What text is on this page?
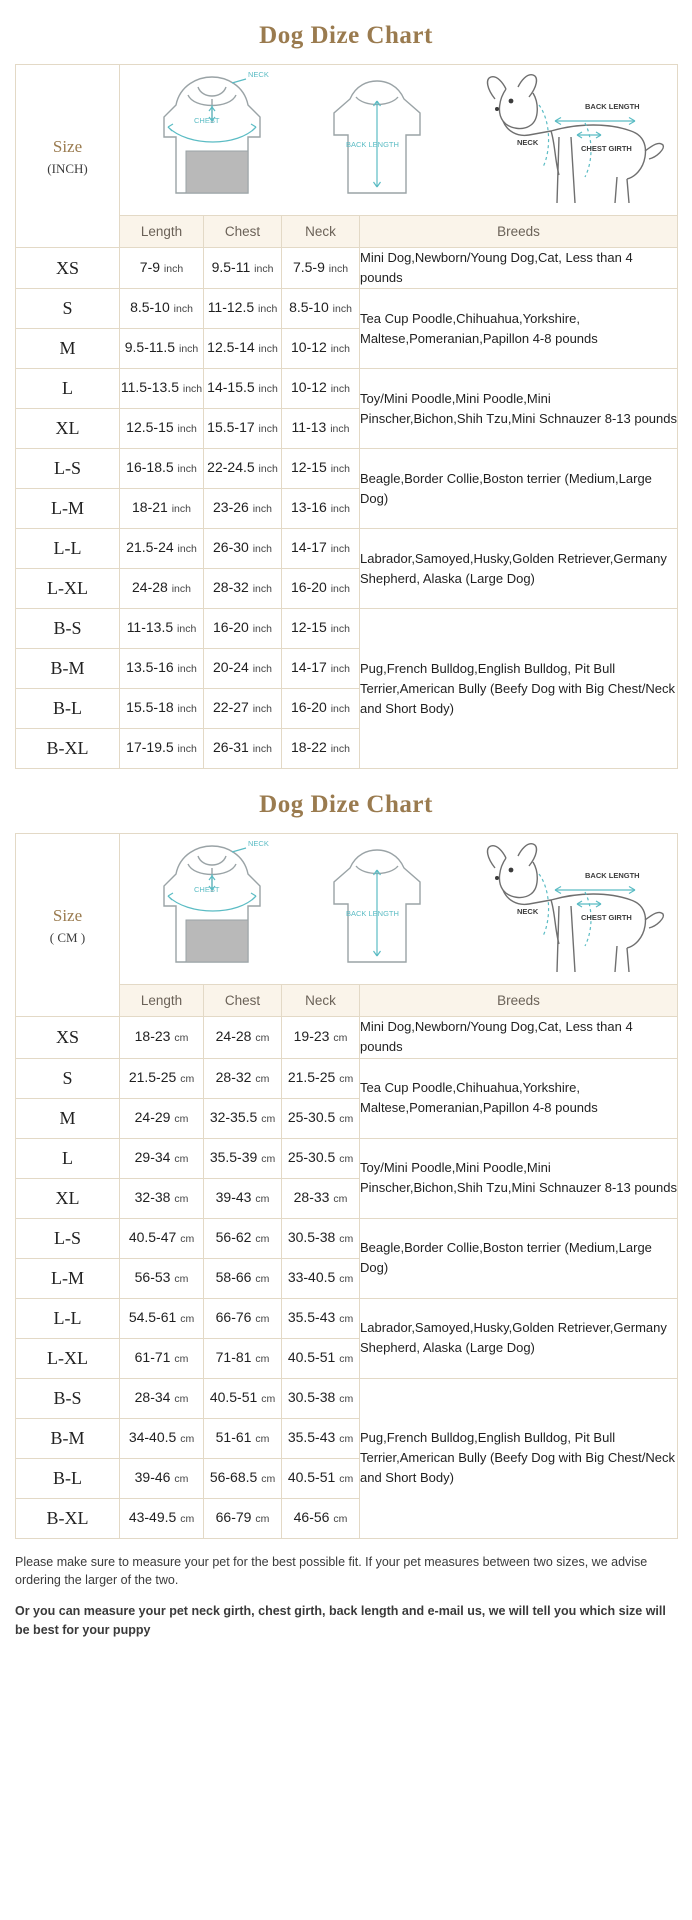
Dog Dize Chart
Size
(INCH)

NECK
CHEST
BACK LENGTH
BACK LENGTH
NECK
CHEST GIRTH

	Length	Chest	Neck	Breeds
XS	7-9 inch	9.5-11 inch	7.5-9 inch	Mini Dog,Newborn/Young Dog,Cat, Less than 4 pounds
S	8.5-10 inch	11-12.5 inch	8.5-10 inch	Tea Cup Poodle,Chihuahua,Yorkshire, Maltese,Pomeranian,Papillon 4-8 pounds
M	9.5-11.5 inch	12.5-14 inch	10-12 inch	
L	11.5-13.5 inch	14-15.5 inch	10-12 inch	Toy/Mini Poodle,Mini Poodle,Mini Pinscher,Bichon,Shih Tzu,Mini Schnauzer 8-13 pounds
XL	12.5-15 inch	15.5-17 inch	11-13 inch	
L-S	16-18.5 inch	22-24.5 inch	12-15 inch	Beagle,Border Collie,Boston terrier (Medium,Large Dog)
L-M	18-21 inch	23-26 inch	13-16 inch	
L-L	21.5-24 inch	26-30 inch	14-17 inch	Labrador,Samoyed,Husky,Golden Retriever,Germany Shepherd, Alaska (Large Dog)
L-XL	24-28 inch	28-32 inch	16-20 inch	
B-S	11-13.5 inch	16-20 inch	12-15 inch	Pug,French Bulldog,English Bulldog, Pit Bull Terrier,American Bully (Beefy Dog with Big Chest/Neck and Short Body)
B-M	13.5-16 inch	20-24 inch	14-17 inch	
B-L	15.5-18 inch	22-27 inch	16-20 inch	
B-XL	17-19.5 inch	26-31 inch	18-22 inch	
Dog Dize Chart
Size
( CM )

NECK
CHEST
BACK LENGTH
BACK LENGTH
NECK
CHEST GIRTH

	Length	Chest	Neck	Breeds
XS	18-23 cm	24-28 cm	19-23 cm	Mini Dog,Newborn/Young Dog,Cat, Less than 4 pounds
S	21.5-25 cm	28-32 cm	21.5-25 cm	Tea Cup Poodle,Chihuahua,Yorkshire, Maltese,Pomeranian,Papillon 4-8 pounds
M	24-29 cm	32-35.5 cm	25-30.5 cm	
L	29-34 cm	35.5-39 cm	25-30.5 cm	Toy/Mini Poodle,Mini Poodle,Mini Pinscher,Bichon,Shih Tzu,Mini Schnauzer 8-13 pounds
XL	32-38 cm	39-43 cm	28-33 cm	
L-S	40.5-47 cm	56-62 cm	30.5-38 cm	Beagle,Border Collie,Boston terrier (Medium,Large Dog)
L-M	56-53 cm	58-66 cm	33-40.5 cm	
L-L	54.5-61 cm	66-76 cm	35.5-43 cm	Labrador,Samoyed,Husky,Golden Retriever,Germany Shepherd, Alaska (Large Dog)
L-XL	61-71 cm	71-81 cm	40.5-51 cm	
B-S	28-34 cm	40.5-51 cm	30.5-38 cm	Pug,French Bulldog,English Bulldog, Pit Bull Terrier,American Bully (Beefy Dog with Big Chest/Neck and Short Body)
B-M	34-40.5 cm	51-61 cm	35.5-43 cm	
B-L	39-46 cm	56-68.5 cm	40.5-51 cm	
B-XL	43-49.5 cm	66-79 cm	46-56 cm	

Please make sure to measure your pet for the best possible fit. If your pet measures between two sizes, we advise ordering the larger of the two.

Or you can measure your pet neck girth, chest girth, back length and e-mail us, we will tell you which size will be best for your puppy
